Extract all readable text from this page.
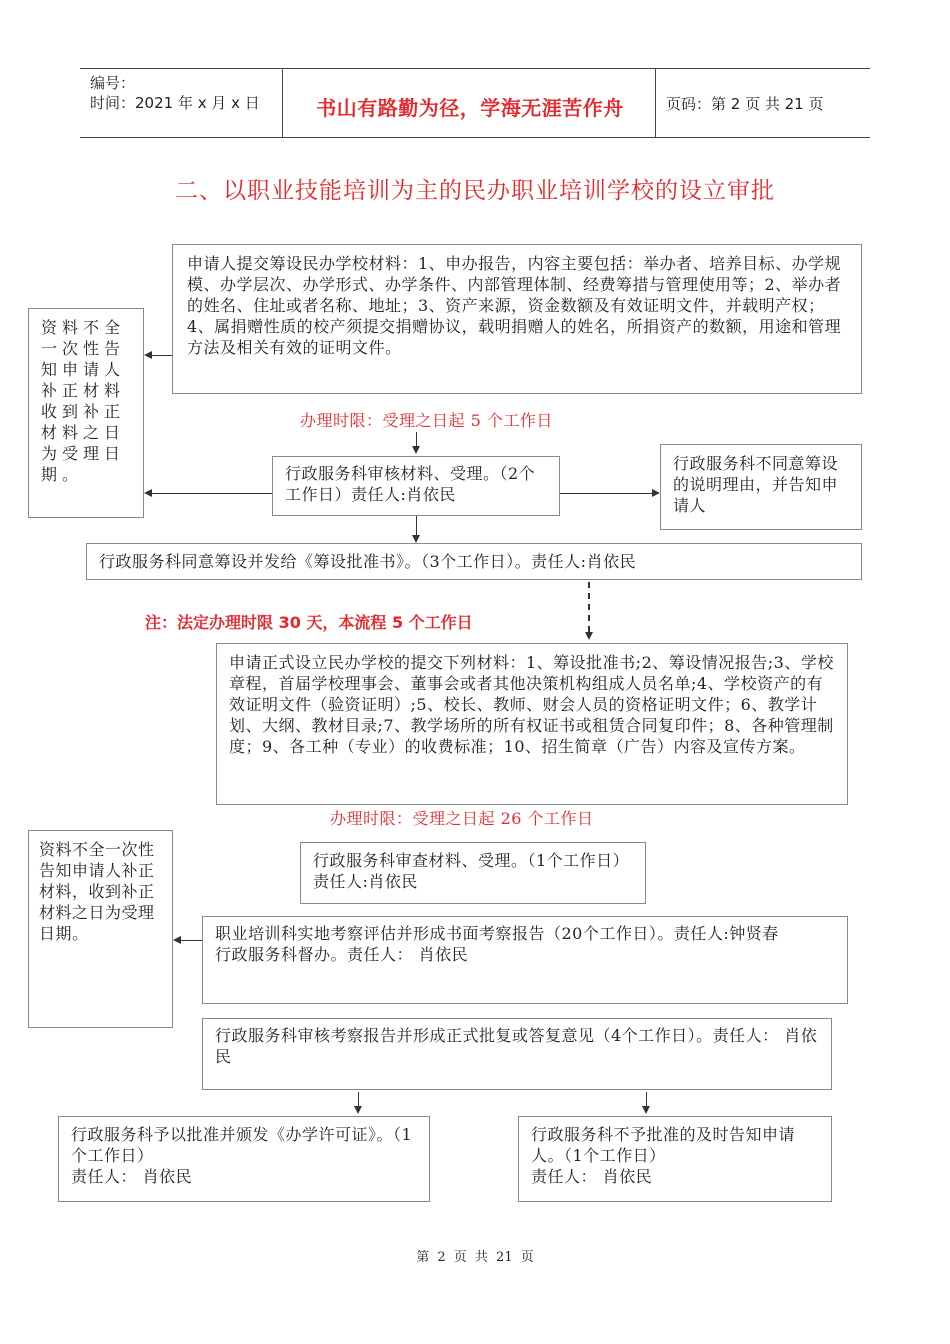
编号：
时间：2021 年 x 月 x 日	书山有路勤为径，学海无涯苦作舟	页码：第 2 页 共 21 页
二、以职业技能培训为主的民办职业培训学校的设立审批
申请人提交筹设民办学校材料：1、申办报告，内容主要包括：举办者、培养目标、办学规模、办学层次、办学形式、办学条件、内部管理体制、经费筹措与管理使用等；2、举办者的姓名、住址或者名称、地址；3、资产来源，资金数额及有效证明文件，并载明产权；4、属捐赠性质的校产须提交捐赠协议，载明捐赠人的姓名，所捐资产的数额，用途和管理方法及相关有效的证明文件。
资料不全一次性告知申请人补正材料收到补正材料之日为受理日期。
办理时限：受理之日起 5 个工作日
行政服务科审核材料、受理。（2个工作日）责任人:肖依民
行政服务科不同意筹设的说明理由，并告知申请人
行政服务科同意筹设并发给《筹设批准书》。（3个工作日）。责任人:肖依民
注：法定办理时限 30 天，本流程 5 个工作日
申请正式设立民办学校的提交下列材料：1、筹设批准书;2、筹设情况报告;3、学校章程，首届学校理事会、董事会或者其他决策机构组成人员名单;4、学校资产的有效证明文件（验资证明）;5、校长、教师、财会人员的资格证明文件；6、教学计划、大纲、教材目录;7、教学场所的所有权证书或租赁合同复印件；8、各种管理制度；9、各工种（专业）的收费标准；10、招生简章（广告）内容及宣传方案。
办理时限：受理之日起 26 个工作日
资料不全一次性告知申请人补正材料，收到补正材料之日为受理日期。
行政服务科审查材料、受理。（1个工作日）责任人:肖依民
职业培训科实地考察评估并形成书面考察报告（20个工作日）。责任人:钟贤春
行政服务科督办。责任人： 肖依民
行政服务科审核考察报告并形成正式批复或答复意见（4个工作日）。责任人： 肖依民
行政服务科予以批准并颁发《办学许可证》。（1个工作日）
责任人： 肖依民
行政服务科不予批准的及时告知申请人。（1个工作日）
责任人： 肖依民
第 2 页 共 21 页
